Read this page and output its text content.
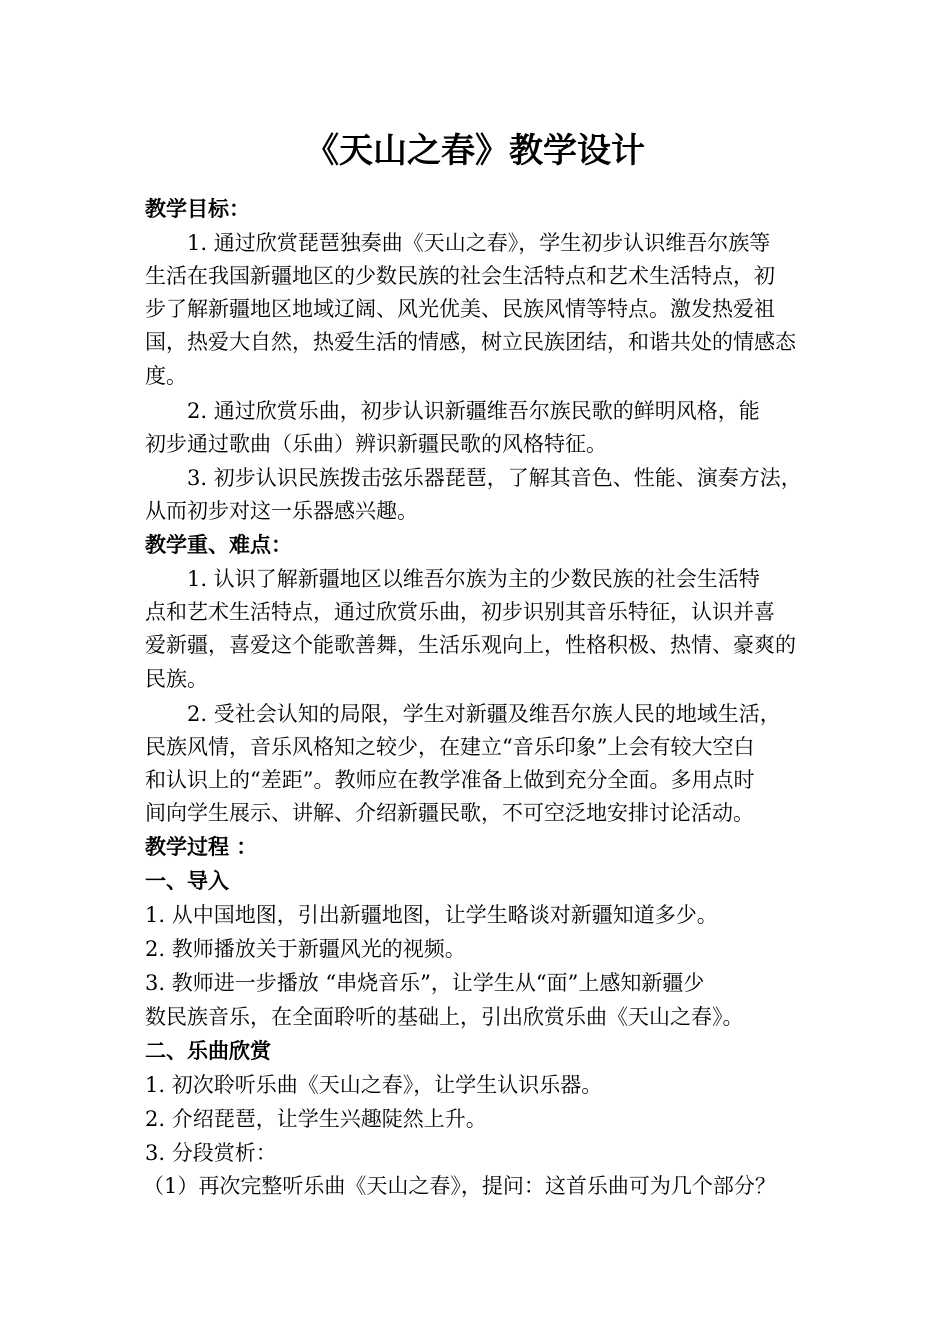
《天山之春》教学设计

教学目标：

1. 通过欣赏琵琶独奏曲《天山之春》，学生初步认识维吾尔族等

生活在我国新疆地区的少数民族的社会生活特点和艺术生活特点，初

步了解新疆地区地域辽阔、风光优美、民族风情等特点。激发热爱祖

国，热爱大自然，热爱生活的情感，树立民族团结，和谐共处的情感态

度。

2. 通过欣赏乐曲，初步认识新疆维吾尔族民歌的鲜明风格，能

初步通过歌曲（乐曲）辨识新疆民歌的风格特征。

3. 初步认识民族拨击弦乐器琵琶，了解其音色、性能、演奏方法，

从而初步对这一乐器感兴趣。

教学重、难点：

1. 认识了解新疆地区以维吾尔族为主的少数民族的社会生活特

点和艺术生活特点，通过欣赏乐曲，初步识别其音乐特征，认识并喜

爱新疆，喜爱这个能歌善舞，生活乐观向上，性格积极、热情、豪爽的

民族。

2. 受社会认知的局限，学生对新疆及维吾尔族人民的地域生活，

民族风情，音乐风格知之较少，在建立“音乐印象”上会有较大空白

和认识上的“差距”。教师应在教学准备上做到充分全面。多用点时

间向学生展示、讲解、介绍新疆民歌，不可空泛地安排讨论活动。

教学过程 ：

一、导入

1. 从中国地图，引出新疆地图，让学生略谈对新疆知道多少。

2. 教师播放关于新疆风光的视频。

3. 教师进一步播放 “串烧音乐”，让学生从“面”上感知新疆少

数民族音乐，在全面聆听的基础上，引出欣赏乐曲《天山之春》。

二、乐曲欣赏

1. 初次聆听乐曲《天山之春》，让学生认识乐器。

2. 介绍琵琶，让学生兴趣陡然上升。

3. 分段赏析：

（1）再次完整听乐曲《天山之春》，提问：这首乐曲可为几个部分？
